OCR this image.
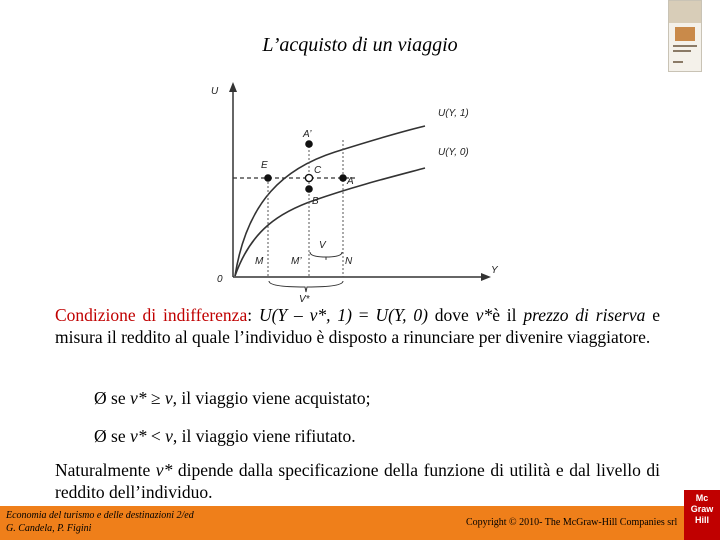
L’acquisto di un viaggio
U
Y
0
U(Y, 1)
U(Y, 0)
A’
E	C
A
B
M	M’	N
V
V*
Condizione di indifferenza: U(Y – v*, 1) = U(Y, 0) dove v*è il prezzo di riserva e misura il reddito al quale l’individuo è disposto a rinunciare per divenire viaggiatore.
Ø se v* ≥ v, il viaggio viene acquistato;
Ø se v* < v, il viaggio viene rifiutato.
Naturalmente v* dipende dalla specificazione della funzione di utilità e dal livello di reddito dell’individuo.
Economia del turismo e delle destinazioni 2/ed
G. Candela, P. Figini
Copyright © 2010- The McGraw-Hill Companies srl
Mc
Graw
Hill
